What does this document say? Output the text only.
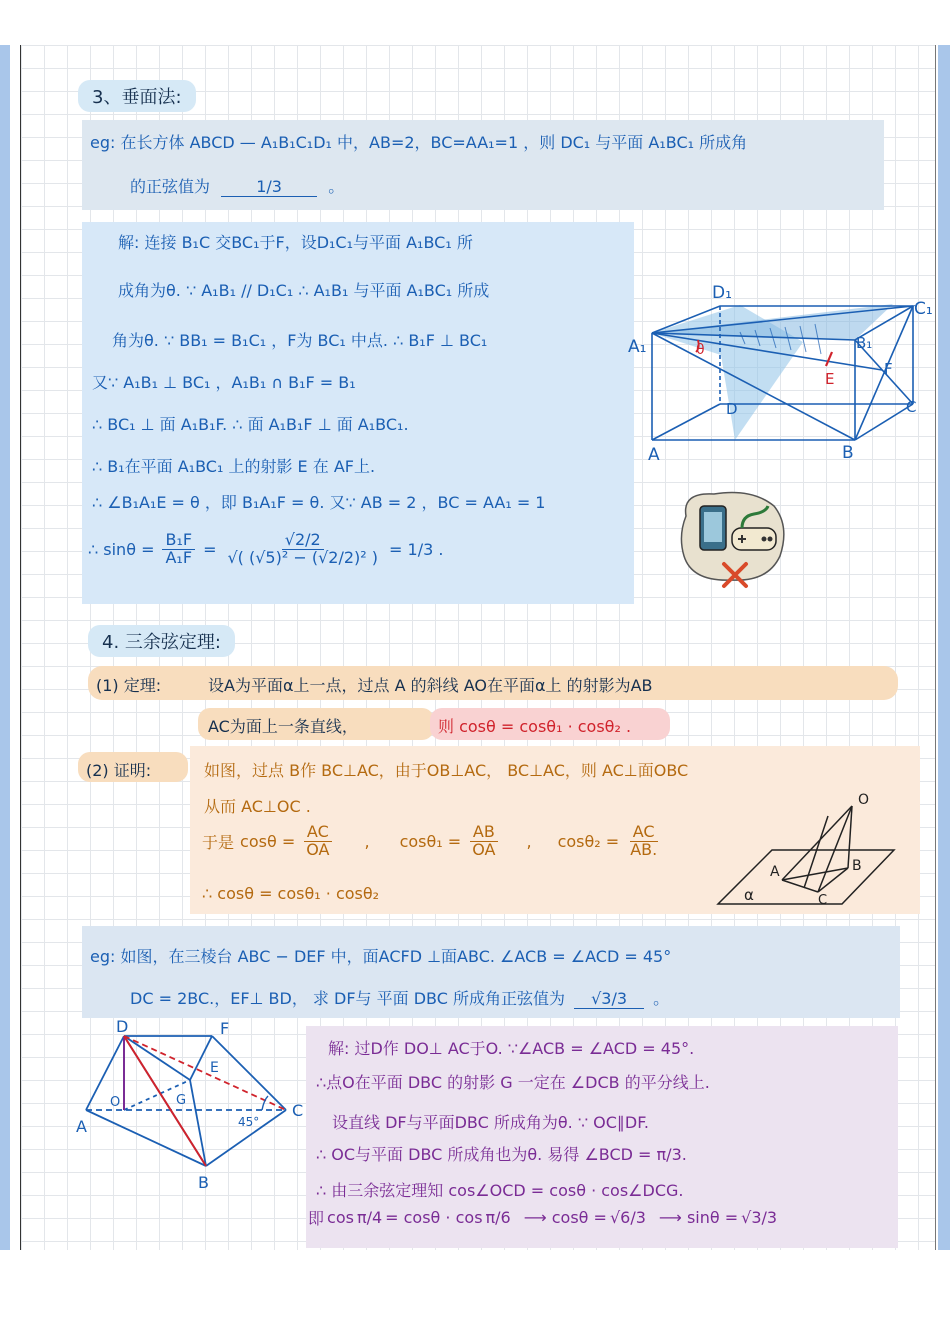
3、垂面法:
eg: 在长方体 ABCD — A₁B₁C₁D₁ 中，AB=2，BC=AA₁=1 ，则 DC₁ 与平面 A₁BC₁ 所成角
的正弦值为	1/3	。
解: 连接 B₁C 交BC₁于F，设D₁C₁与平面 A₁BC₁ 所
成角为θ. ∵ A₁B₁ // D₁C₁ ∴ A₁B₁ 与平面 A₁BC₁ 所成
角为θ. ∵ BB₁ = B₁C₁ ，F为 BC₁ 中点. ∴ B₁F ⊥ BC₁
又∵ A₁B₁ ⊥ BC₁ ，A₁B₁ ∩ B₁F = B₁
∴ BC₁ ⊥ 面 A₁B₁F. ∴ 面 A₁B₁F ⊥ 面 A₁BC₁.
∴ B₁在平面 A₁BC₁ 上的射影 E 在 AF上.
∴ ∠B₁A₁E = θ ，即 B₁A₁F = θ. 又∵ AB = 2 ，BC = AA₁ = 1
∴ $\sin\theta = \frac{\text{B₁F}}{\text{A₁F}} = \frac{√2/2}{\text{√( (√5)² − (√2/2)² )}} = 1/3$ .
D₁
C₁
A₁	B₁
D	C
A	B
F
E
θ
4. 三余弦定理:
(1) 定理:	设A为平面α上一点，过点 A 的斜线 AO在平面α上 的射影为AB
AC为面上一条直线，	则 cosθ = cosθ₁ · cosθ₂ .
(2) 证明:	如图，过点 B作 BC⊥AC，由于OB⊥AC， BC⊥AC，则 AC⊥面OBC
从而 AC⊥OC .
于是 $\cos\theta = \frac{AC}{OA}$ , $\cos\theta_1 = \frac{AB}{OA}$ , $\cos\theta_2 = \frac{AC}{AB.}$
∴ cosθ = cosθ₁ · cosθ₂
O
A	B
C
α
eg: 如图，在三棱台 ABC − DEF 中，面ACFD ⊥面ABC. ∠ACB = ∠ACD = 45°
DC = 2BC.，EF⊥ BD， 求 DF与 平面 DBC 所成角正弦值为 √3/3 。
解: 过D作 DO⊥ AC于O. ∵∠ACB = ∠ACD = 45°.
∴点O在平面 DBC 的射影 G 一定在 ∠DCB 的平分线上.
设直线 DF与平面DBC 所成角为θ. ∵ OC∥DF.
∴ OC与平面 DBC 所成角也为θ. 易得 ∠BCD = π/3.
∴ 由三余弦定理知 cos∠OCD = cosθ · cos∠DCG.
即 cos π/4 = cosθ · cos π/6 ⟶ cosθ = √6/3 ⟶ sinθ = √3/3
D	F
E
O	G
A
B
C
45°
